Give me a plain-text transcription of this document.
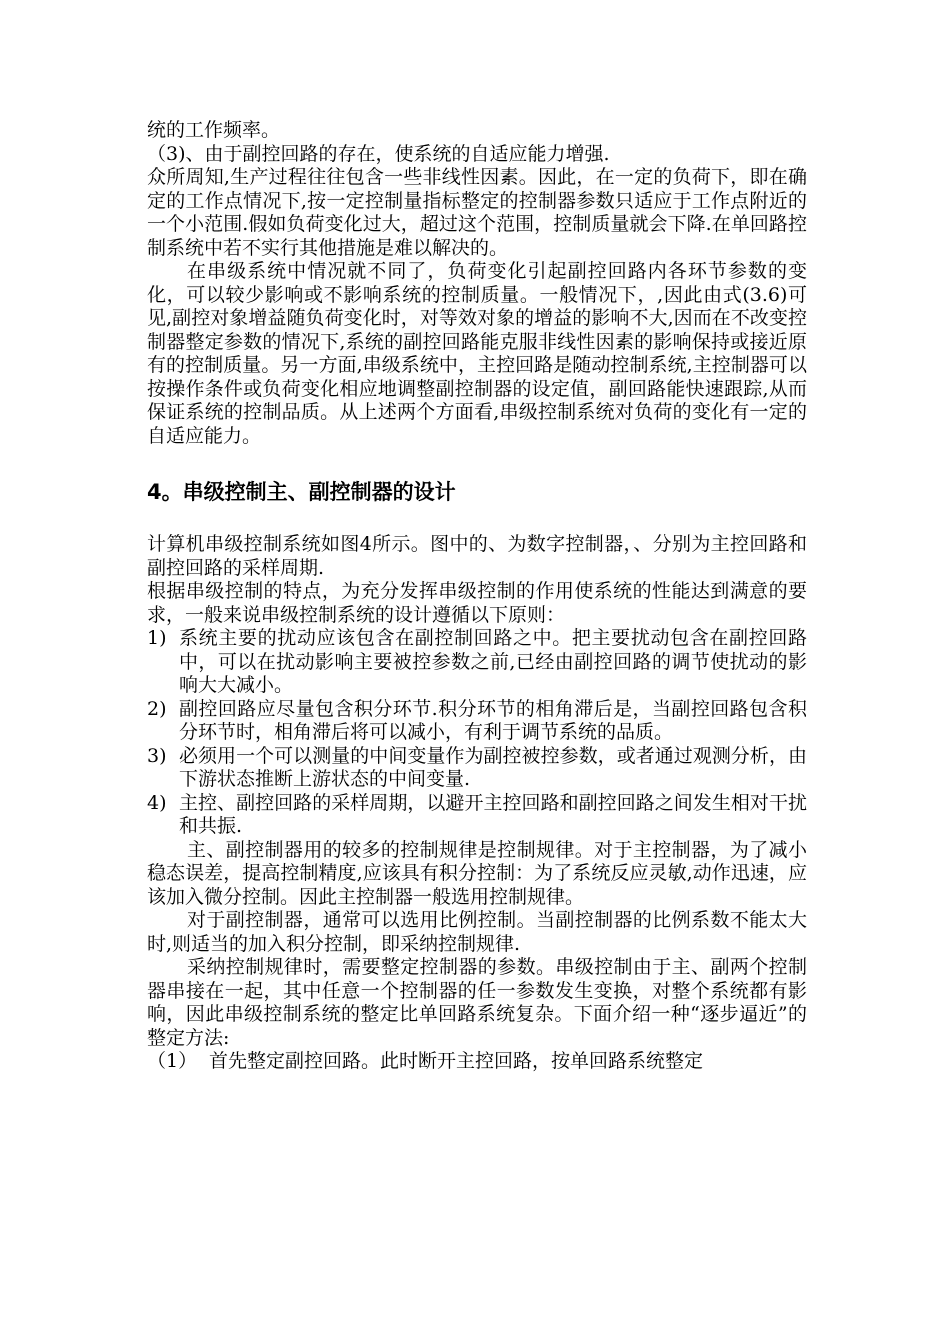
统的工作频率。

（3)、由于副控回路的存在，使系统的自适应能力增强.

众所周知,生产过程往往包含一些非线性因素。因此，在一定的负荷下，即在确定的工作点情况下,按一定控制量指标整定的控制器参数只适应于工作点附近的一个小范围.假如负荷变化过大，超过这个范围，控制质量就会下降.在单回路控制系统中若不实行其他措施是难以解决的。

在串级系统中情况就不同了，负荷变化引起副控回路内各环节参数的变化，可以较少影响或不影响系统的控制质量。一般情况下，,因此由式(3.6)可见,副控对象增益随负荷变化时，对等效对象的增益的影响不大,因而在不改变控制器整定参数的情况下,系统的副控回路能克服非线性因素的影响保持或接近原有的控制质量。另一方面,串级系统中，主控回路是随动控制系统,主控制器可以按操作条件或负荷变化相应地调整副控制器的设定值，副回路能快速跟踪,从而保证系统的控制品质。从上述两个方面看,串级控制系统对负荷的变化有一定的自适应能力。

4。串级控制主、副控制器的设计

计算机串级控制系统如图4所示。图中的、为数字控制器，、分别为主控回路和副控回路的采样周期.

根据串级控制的特点，为充分发挥串级控制的作用使系统的性能达到满意的要求，一般来说串级控制系统的设计遵循以下原则：

1) 系统主要的扰动应该包含在副控制回路之中。把主要扰动包含在副控回路中，可以在扰动影响主要被控参数之前,已经由副控回路的调节使扰动的影响大大减小。
2) 副控回路应尽量包含积分环节.积分环节的相角滞后是，当副控回路包含积分环节时，相角滞后将可以减小，有利于调节系统的品质。
3) 必须用一个可以测量的中间变量作为副控被控参数，或者通过观测分析，由下游状态推断上游状态的中间变量.
4) 主控、副控回路的采样周期，以避开主控回路和副控回路之间发生相对干扰和共振.

主、副控制器用的较多的控制规律是控制规律。对于主控制器，为了减小稳态误差，提高控制精度,应该具有积分控制：为了系统反应灵敏,动作迅速，应该加入微分控制。因此主控制器一般选用控制规律。

对于副控制器，通常可以选用比例控制。当副控制器的比例系数不能太大时,则适当的加入积分控制，即采纳控制规律.

采纳控制规律时，需要整定控制器的参数。串级控制由于主、副两个控制器串接在一起，其中任意一个控制器的任一参数发生变换，对整个系统都有影响，因此串级控制系统的整定比单回路系统复杂。下面介绍一种“逐步逼近”的整定方法:

（1） 首先整定副控回路。此时断开主控回路，按单回路系统整定
